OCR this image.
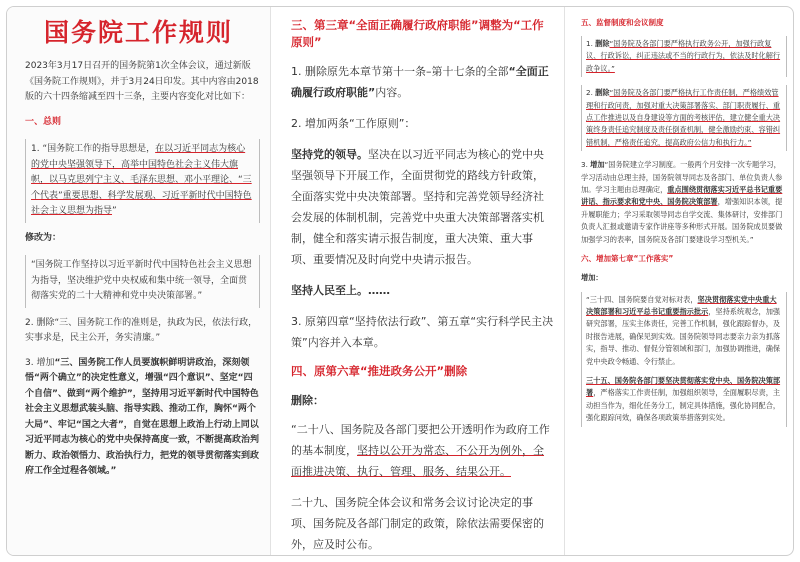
国务院工作规则

2023年3月17日召开的国务院第1次全体会议，通过新版《国务院工作规则》，并于3月24日印发。其中内容由2018版的六十四条缩减至四十三条，主要内容变化对比如下：

一、总则

1. “国务院工作的指导思想是，在以习近平同志为核心的党中央坚强领导下，高举中国特色社会主义伟大旗帜，以马克思列宁主义、毛泽东思想、邓小平理论、“三个代表”重要思想、科学发展观、习近平新时代中国特色社会主义思想为指导”

修改为：

“国务院工作坚持以习近平新时代中国特色社会主义思想为指导，坚决维护党中央权威和集中统一领导，全面贯彻落实党的二十大精神和党中央决策部署。”

2. 删除“三、国务院工作的准则是，执政为民，依法行政，实事求是，民主公开，务实清廉。”

3. 增加“三、国务院工作人员要旗帜鲜明讲政治，深刻领悟“两个确立”的决定性意义，增强“四个意识”、坚定“四个自信”、做到“两个维护”，坚持用习近平新时代中国特色社会主义思想武装头脑、指导实践、推动工作，胸怀“两个大局”、牢记“国之大者”，自觉在思想上政治上行动上同以习近平同志为核心的党中央保持高度一致，不断提高政治判断力、政治领悟力、政治执行力，把党的领导贯彻落实到政府工作全过程各领域。”

三、第三章“全面正确履行政府职能”调整为“工作原则”

1. 删除原先本章节第十一条–第十七条的全部“全面正确履行政府职能”内容。

2. 增加两条“工作原则”：

坚持党的领导。坚决在以习近平同志为核心的党中央坚强领导下开展工作，全面贯彻党的路线方针政策，全面落实党中央决策部署。坚持和完善党领导经济社会发展的体制机制，完善党中央重大决策部署落实机制，健全和落实请示报告制度，重大决策、重大事项、重要情况及时向党中央请示报告。

坚持人民至上。……

3. 原第四章“坚持依法行政”、第五章“实行科学民主决策”内容并入本章。

四、原第六章“推进政务公开”删除

删除：

“二十八、国务院及各部门要把公开透明作为政府工作的基本制度，坚持以公开为常态、不公开为例外，全面推进决策、执行、管理、服务、结果公开。

二十九、国务院全体会议和常务会议讨论决定的事项、国务院及各部门制定的政策，除依法需要保密的外，应及时公布。

五、监督制度和会议制度

1. 删除“国务院及各部门要严格执行政务公开，加强行政复议、行政诉讼，纠正违法或不当的行政行为，依法及时化解行政争议。”

2. 删除“国务院及各部门要严格执行工作责任制，严格绩效管理和行政问责，加强对重大决策部署落实、部门职责履行、重点工作推进以及自身建设等方面的考核评估，建立健全重大决策终身责任追究制度及责任倒查机制，健全激励约束、容错纠错机制，严格责任追究，提高政府公信力和执行力。”

3. 增加“国务院建立学习制度。一般两个月安排一次专题学习，学习活动由总理主持，国务院领导同志及各部门、单位负责人参加。学习主题由总理确定，重点围绕贯彻落实习近平总书记重要讲话、指示要求和党中央、国务院决策部署，增强知识本领，提升履职能力；学习采取领导同志自学交流、集体研讨，安排部门负责人汇报或邀请专家作讲座等多种形式开展。国务院成员要做加强学习的表率，国务院及各部门要建设学习型机关。”

六、增加第七章“工作落实”

增加：

“三十四、国务院要自觉对标对表，坚决贯彻落实党中央重大决策部署和习近平总书记重要指示批示，坚持系统观念，加强研究部署，压实主体责任，完善工作机制，强化跟踪督办，及时报告进展，确保见到实效。国务院领导同志要亲力亲为抓落实，指导、推动、督促分管领域和部门，加强协调推进，确保党中央政令畅通、令行禁止。

三十五、国务院各部门要坚决贯彻落实党中央、国务院决策部署，严格落实工作责任制，加强组织领导，全面履职尽责，主动担当作为，细化任务分工，制定具体措施，强化协同配合，强化跟踪问效，确保各项政策举措落到实处。
